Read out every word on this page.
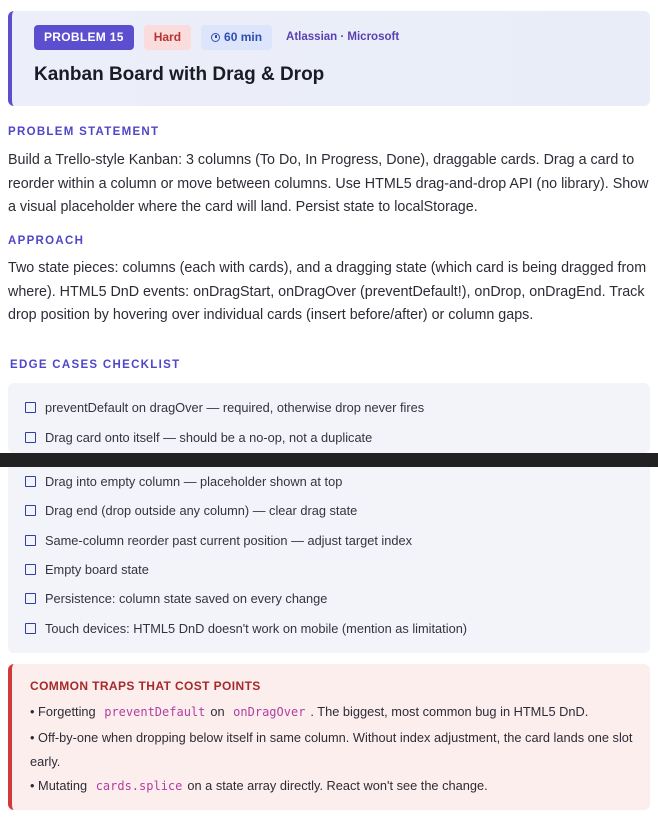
PROBLEM 15	Hard	60 min	Atlassian · Microsoft
Kanban Board with Drag & Drop
PROBLEM STATEMENT

Build a Trello-style Kanban: 3 columns (To Do, In Progress, Done), draggable cards. Drag a card to reorder within a column or move between columns. Use HTML5 drag-and-drop API (no library). Show a visual placeholder where the card will land. Persist state to localStorage.

APPROACH

Two state pieces: columns (each with cards), and a dragging state (which card is being dragged from where). HTML5 DnD events: onDragStart, onDragOver (preventDefault!), onDrop, onDragEnd. Track drop position by hovering over individual cards (insert before/after) or column gaps.

EDGE CASES CHECKLIST
preventDefault on dragOver — required, otherwise drop never fires
Drag card onto itself — should be a no-op, not a duplicate
Drag into empty column — placeholder shown at top
Drag end (drop outside any column) — clear drag state
Same-column reorder past current position — adjust target index
Empty board state
Persistence: column state saved on every change
Touch devices: HTML5 DnD doesn't work on mobile (mention as limitation)
COMMON TRAPS THAT COST POINTS

• Forgetting preventDefault on onDragOver . The biggest, most common bug in HTML5 DnD.

• Off-by-one when dropping below itself in same column. Without index adjustment, the card lands one slot early.

• Mutating cards.splice on a state array directly. React won't see the change.
